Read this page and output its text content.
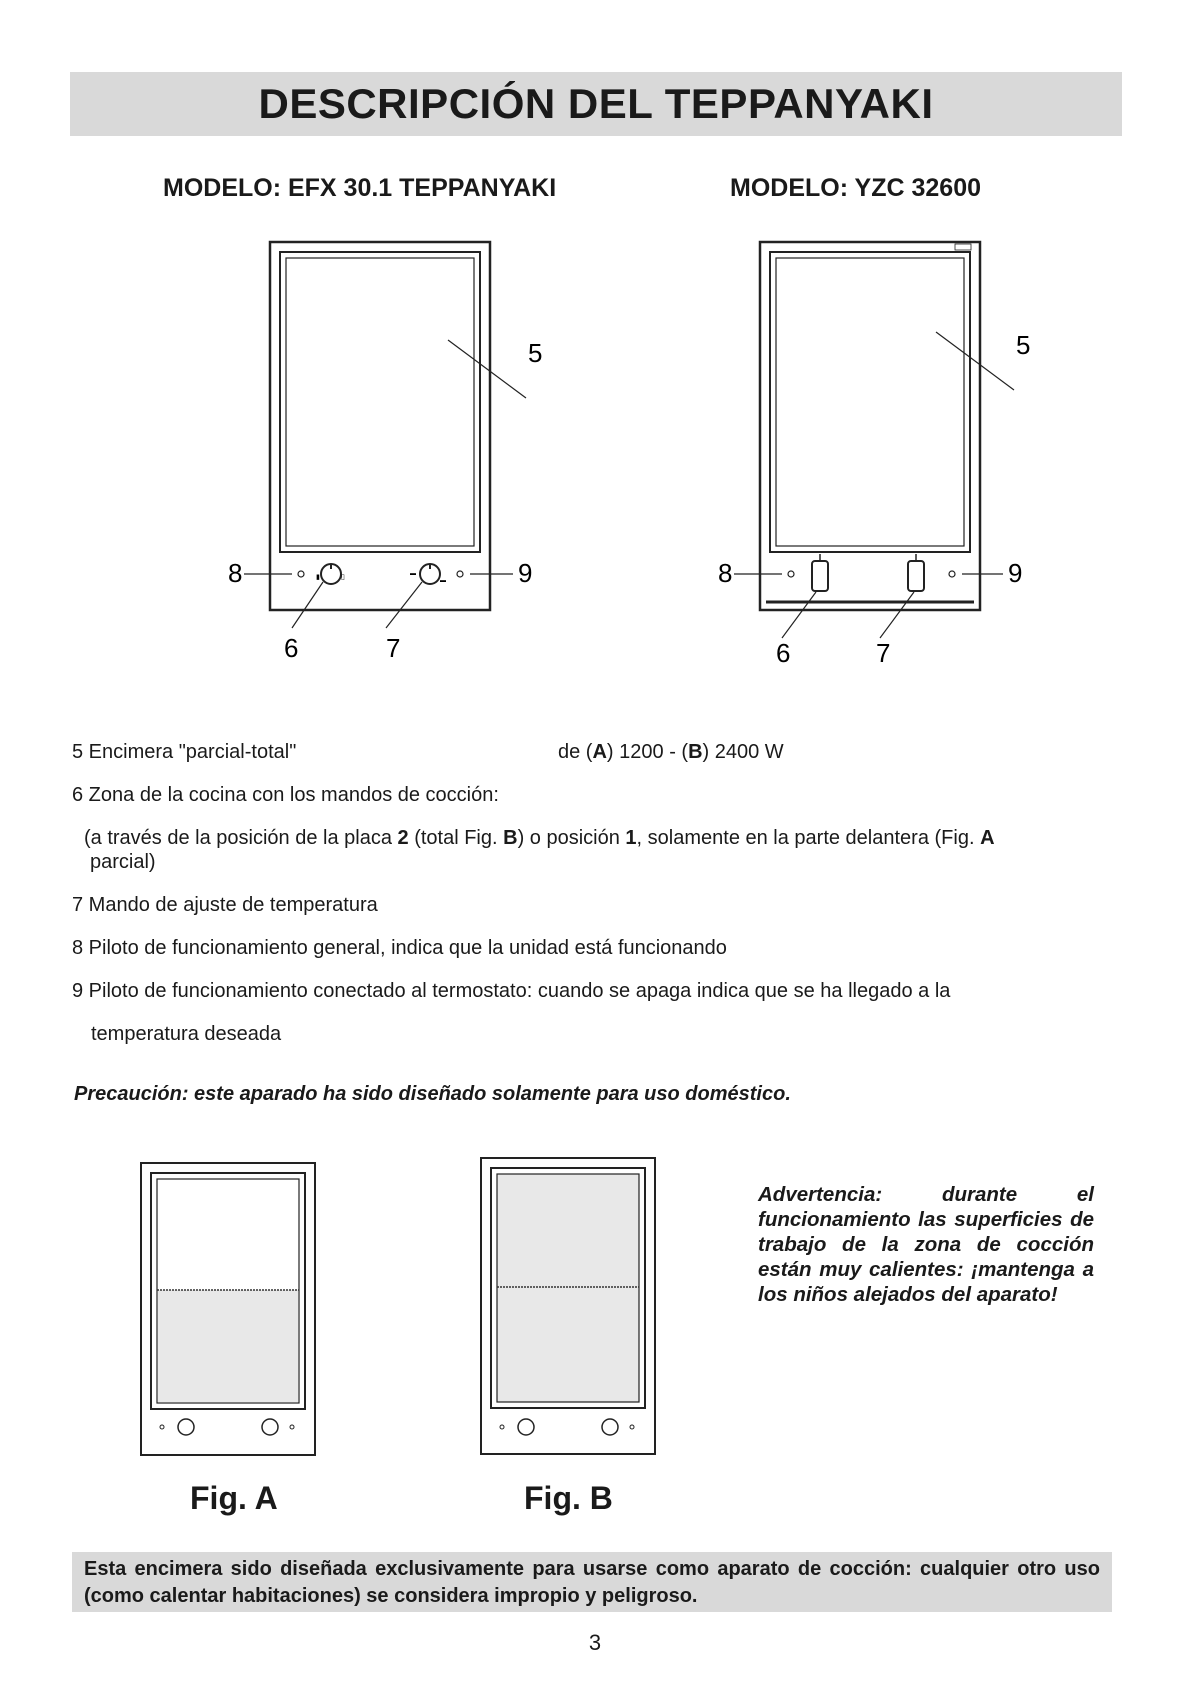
DESCRIPCIÓN DEL TEPPANYAKI
MODELO: EFX 30.1 TEPPANYAKI	MODELO: YZC 32600
5
▮	▯	▬
▬
8	9
6	7
5
8	9
6	7
5 Encimera "parcial-total"	de (A) 1200 - (B) 2400 W
6 Zona de la cocina con los mandos de cocción:
(a través de la posición de la placa 2 (total Fig. B) o posición 1, solamente en la parte delantera (Fig. A
parcial)
7 Mando de ajuste de temperatura
8 Piloto de funcionamiento general, indica que la unidad está funcionando
9 Piloto de funcionamiento conectado al termostato: cuando se apaga indica que se ha llegado a la
temperatura deseada
Precaución: este aparado ha sido diseñado solamente para uso doméstico.
Advertencia: durante el funcionamiento las superficies de trabajo de la zona de cocción están muy calientes: ¡mantenga a los niños alejados del aparato!
Fig. A	Fig. B
Esta encimera sido diseñada exclusivamente para usarse como aparato de cocción: cualquier otro uso (como calentar habitaciones) se considera impropio y peligroso.
3
